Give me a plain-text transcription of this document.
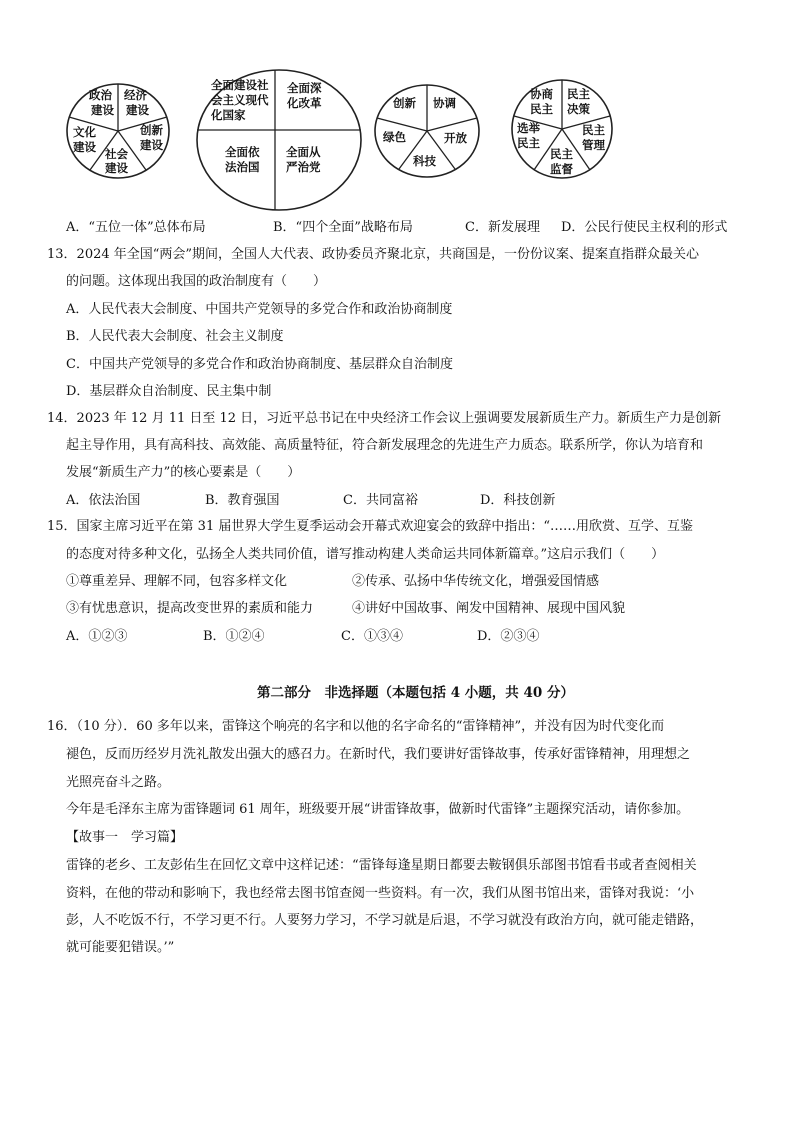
政治建设
经济建设
创新建设
社会建设
文化建设
全面建设社会主义现代化国家
全面深化改革
全面依法治国
全面从严治党
创新 协调
开放
科技
绿色
协商民主
民主决策
民主管理
民主监督
选举民主
A．“五位一体”总体布局	B．“四个全面”战略布局	C．新发展理 D．公民行使民主权利的形式
13．2024 年全国“两会”期间，全国人大代表、政协委员齐聚北京，共商国是，一份份议案、提案直指群众最关心
的问题。这体现出我国的政治制度有（　　）
A．人民代表大会制度、中国共产党领导的多党合作和政治协商制度
B．人民代表大会制度、社会主义制度
C．中国共产党领导的多党合作和政治协商制度、基层群众自治制度
D．基层群众自治制度、民主集中制
14．2023 年 12 月 11 日至 12 日，习近平总书记在中央经济工作会议上强调要发展新质生产力。新质生产力是创新
起主导作用，具有高科技、高效能、高质量特征，符合新发展理念的先进生产力质态。联系所学，你认为培育和
发展“新质生产力”的核心要素是（　　）
A．依法治国	B．教育强国	C．共同富裕	D．科技创新
15．国家主席习近平在第 31 届世界大学生夏季运动会开幕式欢迎宴会的致辞中指出：“……用欣赏、互学、互鉴
的态度对待多种文化，弘扬全人类共同价值，谱写推动构建人类命运共同体新篇章。”这启示我们（　　）
①尊重差异、理解不同，包容多样文化	②传承、弘扬中华传统文化，增强爱国情感
③有忧患意识，提高改变世界的素质和能力	④讲好中国故事、阐发中国精神、展现中国风貌
A．①②③	B．①②④	C．①③④	D．②③④
第二部分　非选择题（本题包括 4 小题，共 40 分）
16．（10 分）．60 多年以来，雷锋这个响亮的名字和以他的名字命名的“雷锋精神”，并没有因为时代变化而
褪色，反而历经岁月洗礼散发出强大的感召力。在新时代，我们要讲好雷锋故事，传承好雷锋精神，用理想之
光照亮奋斗之路。
今年是毛泽东主席为雷锋题词 61 周年，班级要开展“讲雷锋故事，做新时代雷锋”主题探究活动，请你参加。
【故事一　学习篇】
雷锋的老乡、工友彭佑生在回忆文章中这样记述：“雷锋每逢星期日都要去鞍钢俱乐部图书馆看书或者查阅相关
资料，在他的带动和影响下，我也经常去图书馆查阅一些资料。有一次，我们从图书馆出来，雷锋对我说：‘小
彭，人不吃饭不行，不学习更不行。人要努力学习，不学习就是后退，不学习就没有政治方向，就可能走错路，
就可能要犯错误。’”
